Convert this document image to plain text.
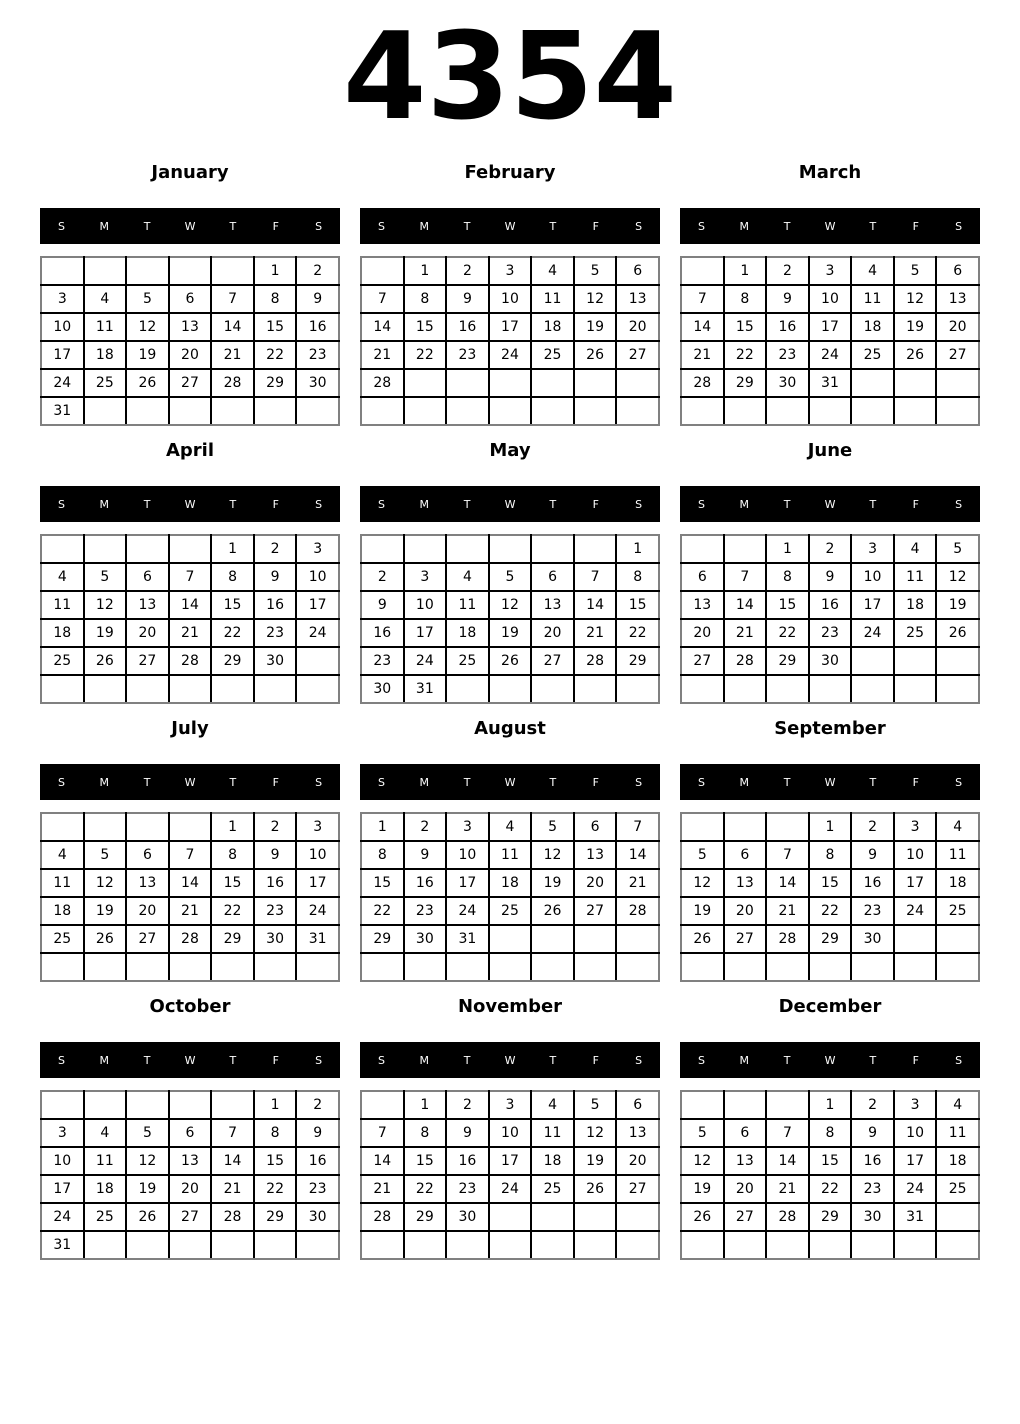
4354
January
S	M	T	W	T	F	S
					1	2
3	4	5	6	7	8	9
10	11	12	13	14	15	16
17	18	19	20	21	22	23
24	25	26	27	28	29	30
31						
February
S	M	T	W	T	F	S
	1	2	3	4	5	6
7	8	9	10	11	12	13
14	15	16	17	18	19	20
21	22	23	24	25	26	27
28						

March
S	M	T	W	T	F	S
	1	2	3	4	5	6
7	8	9	10	11	12	13
14	15	16	17	18	19	20
21	22	23	24	25	26	27
28	29	30	31			

April
S	M	T	W	T	F	S
				1	2	3
4	5	6	7	8	9	10
11	12	13	14	15	16	17
18	19	20	21	22	23	24
25	26	27	28	29	30	

May
S	M	T	W	T	F	S
						1
2	3	4	5	6	7	8
9	10	11	12	13	14	15
16	17	18	19	20	21	22
23	24	25	26	27	28	29
30	31					
June
S	M	T	W	T	F	S
		1	2	3	4	5
6	7	8	9	10	11	12
13	14	15	16	17	18	19
20	21	22	23	24	25	26
27	28	29	30			

July
S	M	T	W	T	F	S
				1	2	3
4	5	6	7	8	9	10
11	12	13	14	15	16	17
18	19	20	21	22	23	24
25	26	27	28	29	30	31

August
S	M	T	W	T	F	S
1	2	3	4	5	6	7
8	9	10	11	12	13	14
15	16	17	18	19	20	21
22	23	24	25	26	27	28
29	30	31				

September
S	M	T	W	T	F	S
			1	2	3	4
5	6	7	8	9	10	11
12	13	14	15	16	17	18
19	20	21	22	23	24	25
26	27	28	29	30		

October
S	M	T	W	T	F	S
					1	2
3	4	5	6	7	8	9
10	11	12	13	14	15	16
17	18	19	20	21	22	23
24	25	26	27	28	29	30
31						
November
S	M	T	W	T	F	S
	1	2	3	4	5	6
7	8	9	10	11	12	13
14	15	16	17	18	19	20
21	22	23	24	25	26	27
28	29	30				

December
S	M	T	W	T	F	S
			1	2	3	4
5	6	7	8	9	10	11
12	13	14	15	16	17	18
19	20	21	22	23	24	25
26	27	28	29	30	31	
